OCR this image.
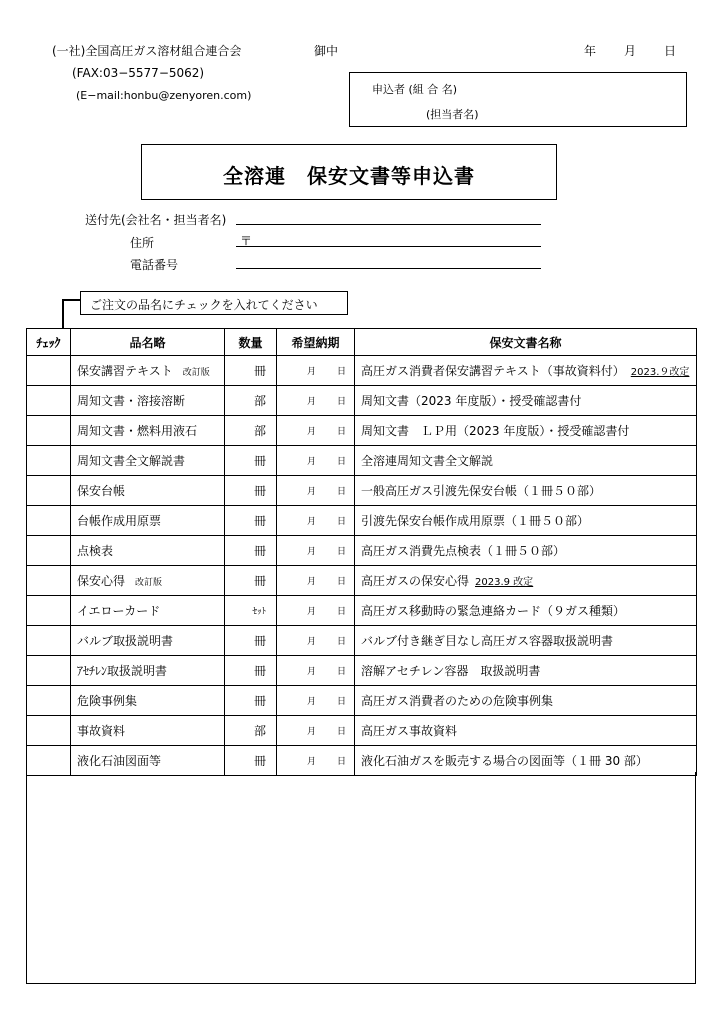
(一社)全国高圧ガス溶材組合連合会	御中
(FAX:03−5577−5062)
(E−mail:honbu@zenyoren.com)
年 月 日
申込者 (組 合 名)
(担当者名)
全溶連　保安文書等申込書
送付先(会社名・担当者名)
住所	〒
電話番号
ご注文の品名にチェックを入れてください
ﾁｪｯｸ	品名略	数量	希望納期	保安文書名称
	保安講習テキスト 改訂版	冊	月 日	高圧ガス消費者保安講習テキスト（事故資料付） 2023.９改定
	周知文書・溶接溶断	部	月 日	周知文書（2023 年度版）・授受確認書付
	周知文書・燃料用液石	部	月 日	周知文書　ＬＰ用（2023 年度版）・授受確認書付
	周知文書全文解説書	冊	月 日	全溶連周知文書全文解説
	保安台帳	冊	月 日	一般高圧ガス引渡先保安台帳（１冊５０部）
	台帳作成用原票	冊	月 日	引渡先保安台帳作成用原票（１冊５０部）
	点検表	冊	月 日	高圧ガス消費先点検表（１冊５０部）
	保安心得 改訂版	冊	月 日	高圧ガスの保安心得 2023.9 改定
	イエローカード	ｾｯﾄ	月 日	高圧ガス移動時の緊急連絡カード（９ガス種類）
	バルブ取扱説明書	冊	月 日	バルブ付き継ぎ目なし高圧ガス容器取扱説明書
	ｱｾﾁﾚﾝ取扱説明書	冊	月 日	溶解アセチレン容器　取扱説明書
	危険事例集	冊	月 日	高圧ガス消費者のための危険事例集
	事故資料	部	月 日	高圧ガス事故資料
	液化石油図面等	冊	月 日	液化石油ガスを販売する場合の図面等（１冊 30 部）
